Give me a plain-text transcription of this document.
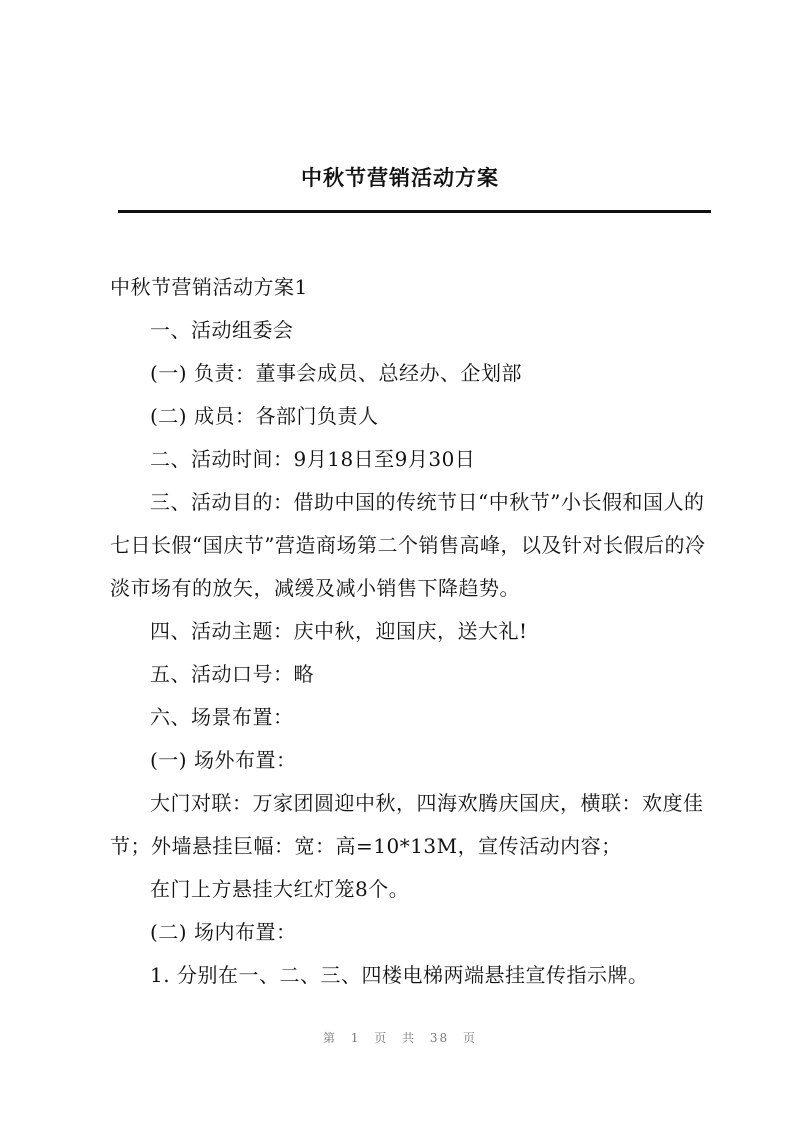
中秋节营销活动方案

中秋节营销活动方案1

一、活动组委会

(一) 负责：董事会成员、总经办、企划部

(二) 成员：各部门负责人

二、活动时间：9月18日至9月30日

三、活动目的：借助中国的传统节日“中秋节”小长假和国人的七日长假“国庆节”营造商场第二个销售高峰，以及针对长假后的冷淡市场有的放矢，减缓及减小销售下降趋势。

四、活动主题：庆中秋，迎国庆，送大礼!

五、活动口号：略

六、场景布置：

(一) 场外布置：

大门对联：万家团圆迎中秋，四海欢腾庆国庆，横联：欢度佳节；外墙悬挂巨幅：宽：高=10*13M，宣传活动内容；

在门上方悬挂大红灯笼8个。

(二) 场内布置：

1. 分别在一、二、三、四楼电梯两端悬挂宣传指示牌。

第 1 页 共 38 页
